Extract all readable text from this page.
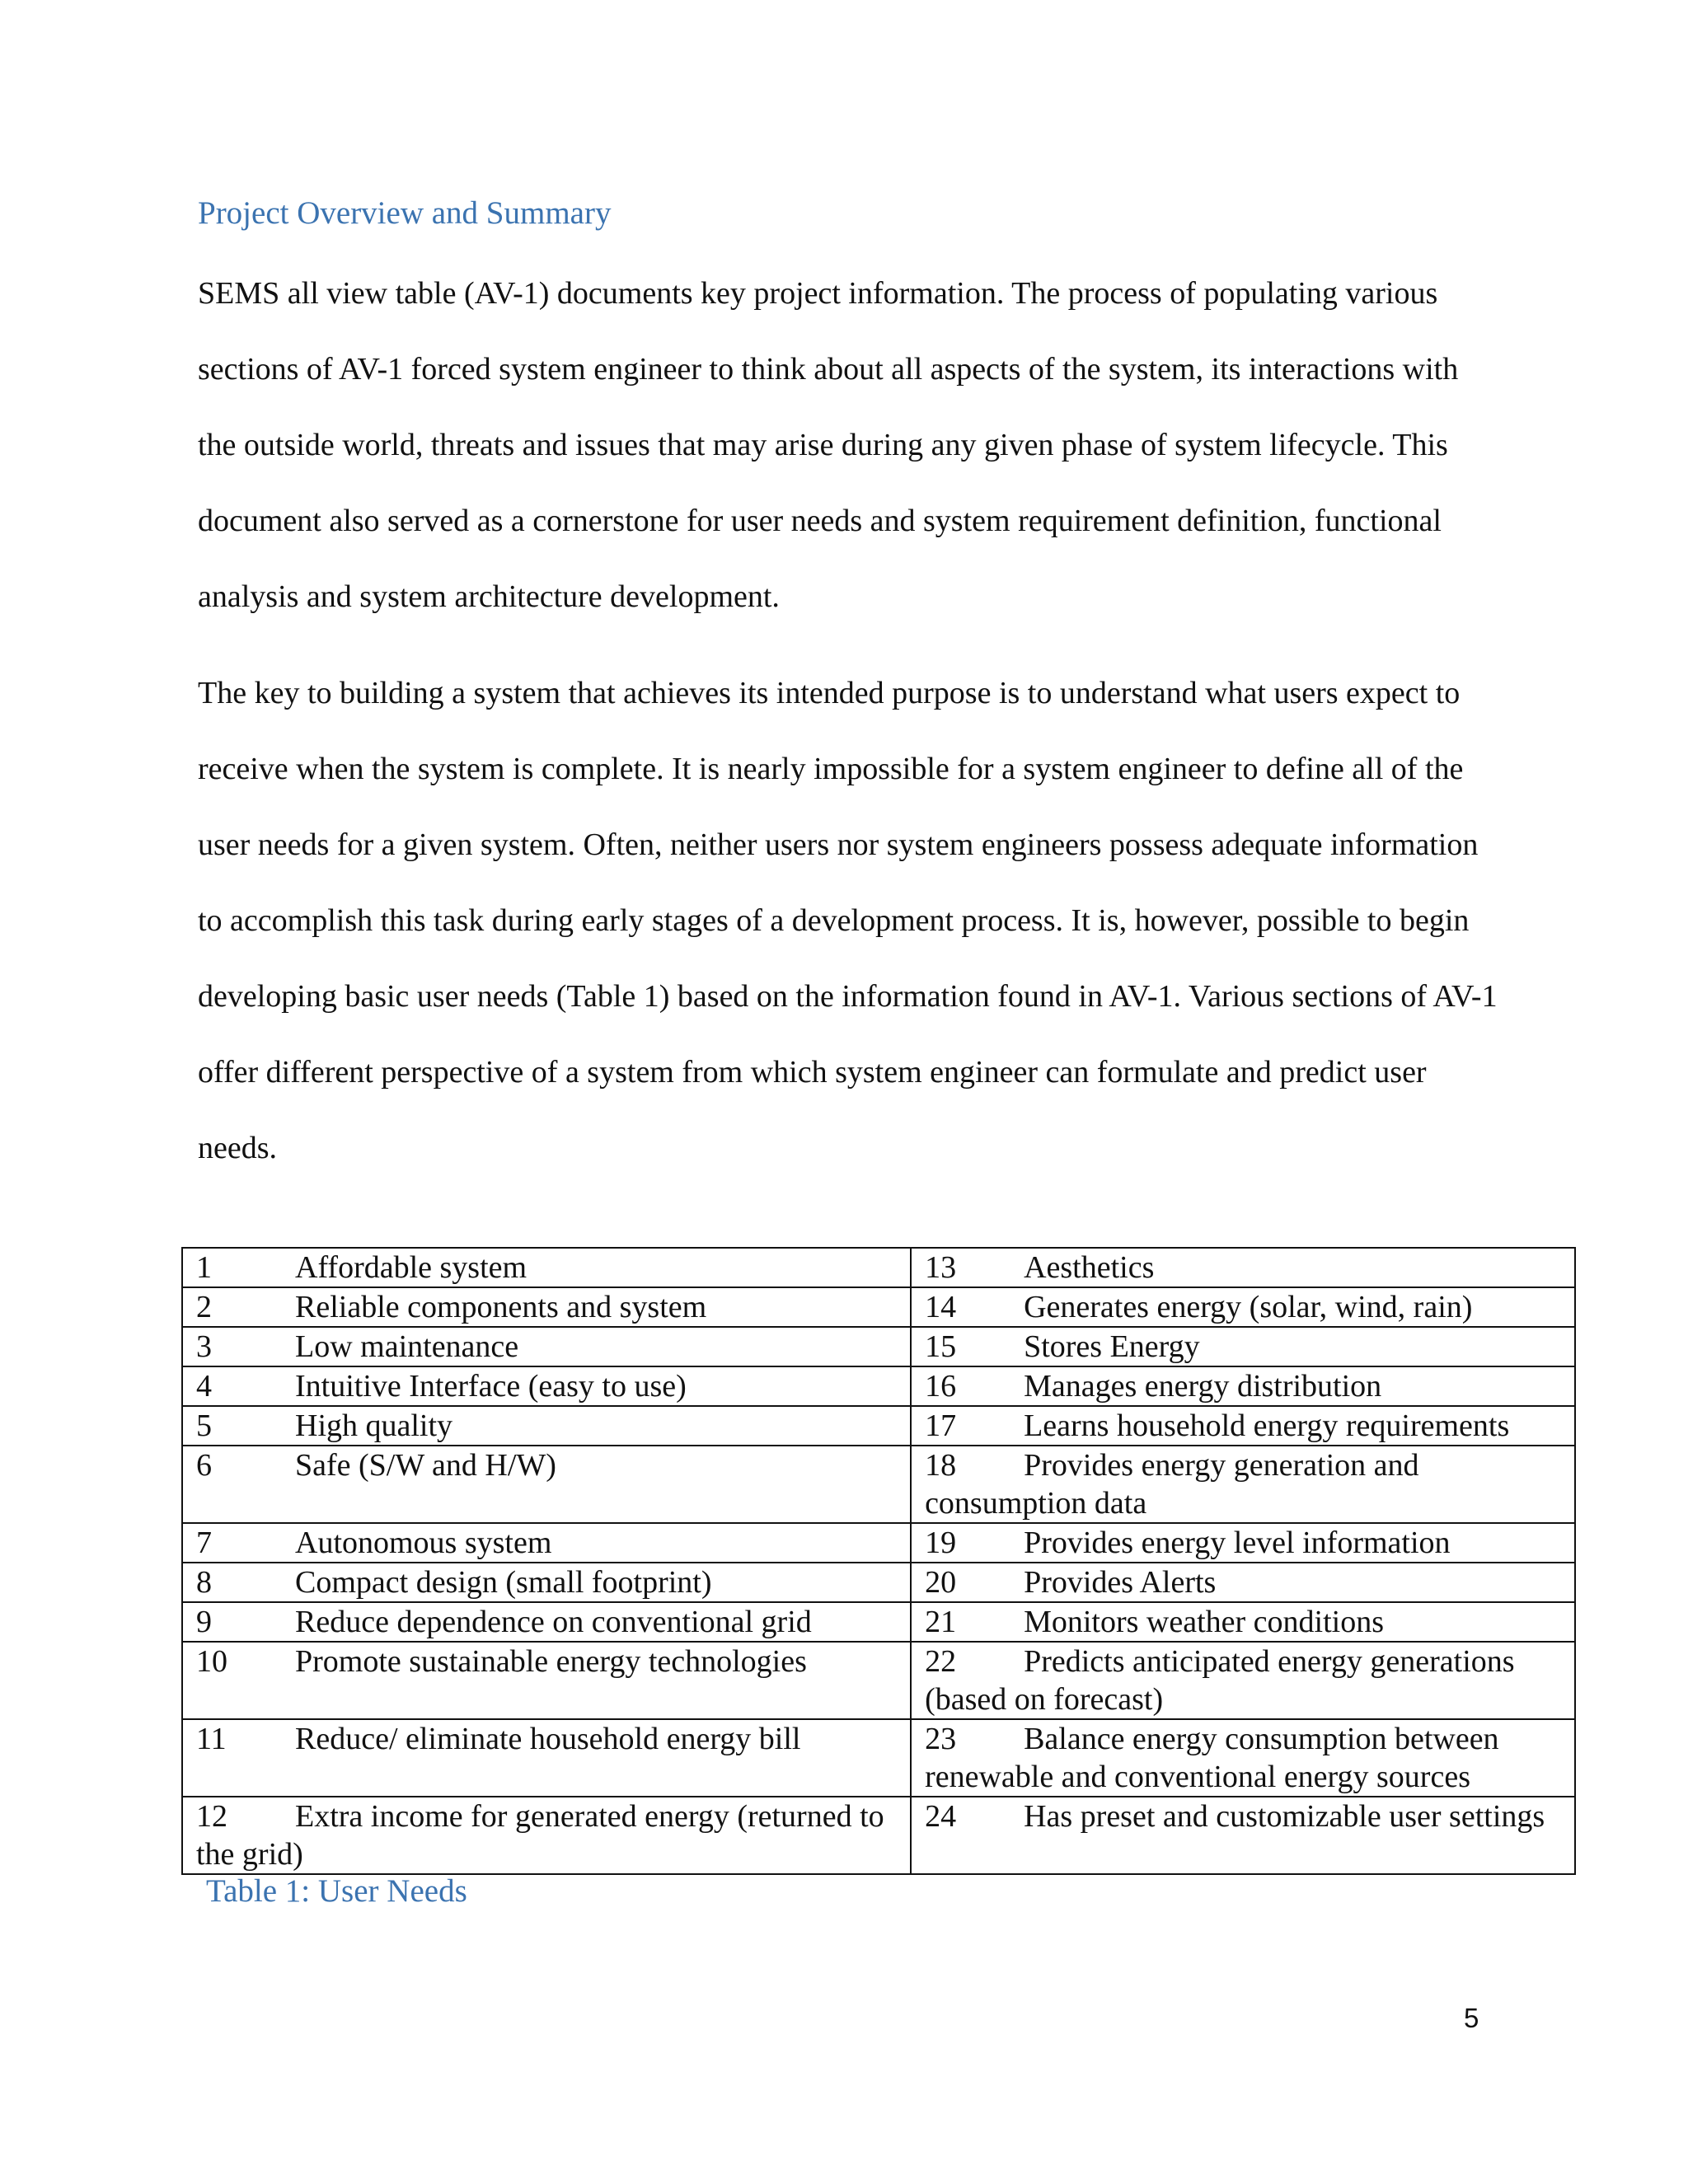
Project Overview and Summary

SEMS all view table (AV-1) documents key project information. The process of populating various sections of AV-1 forced system engineer to think about all aspects of the system, its interactions with the outside world, threats and issues that may arise during any given phase of system lifecycle. This document also served as a cornerstone for user needs and system requirement definition, functional analysis and system architecture development.

The key to building a system that achieves its intended purpose is to understand what users expect to receive when the system is complete. It is nearly impossible for a system engineer to define all of the user needs for a given system. Often, neither users nor system engineers possess adequate information to accomplish this task during early stages of a development process. It is, however, possible to begin developing basic user needs (Table 1) based on the information found in AV-1. Various sections of AV-1 offer different perspective of a system from which system engineer can formulate and predict user needs.

1 Affordable system	13 Aesthetics
2 Reliable components and system	14 Generates energy (solar, wind, rain)
3 Low maintenance	15 Stores Energy
4 Intuitive Interface (easy to use)	16 Manages energy distribution
5 High quality	17 Learns household energy requirements
6 Safe (S/W and H/W)	18 Provides energy generation and consumption data
7 Autonomous system	19 Provides energy level information
8 Compact design (small footprint)	20 Provides Alerts
9 Reduce dependence on conventional grid	21 Monitors weather conditions
10 Promote sustainable energy technologies	22 Predicts anticipated energy generations (based on forecast)
11 Reduce/ eliminate household energy bill	23 Balance energy consumption between renewable and conventional energy sources
12 Extra income for generated energy (returned to the grid)	24 Has preset and customizable user settings

Table 1: User Needs

5
